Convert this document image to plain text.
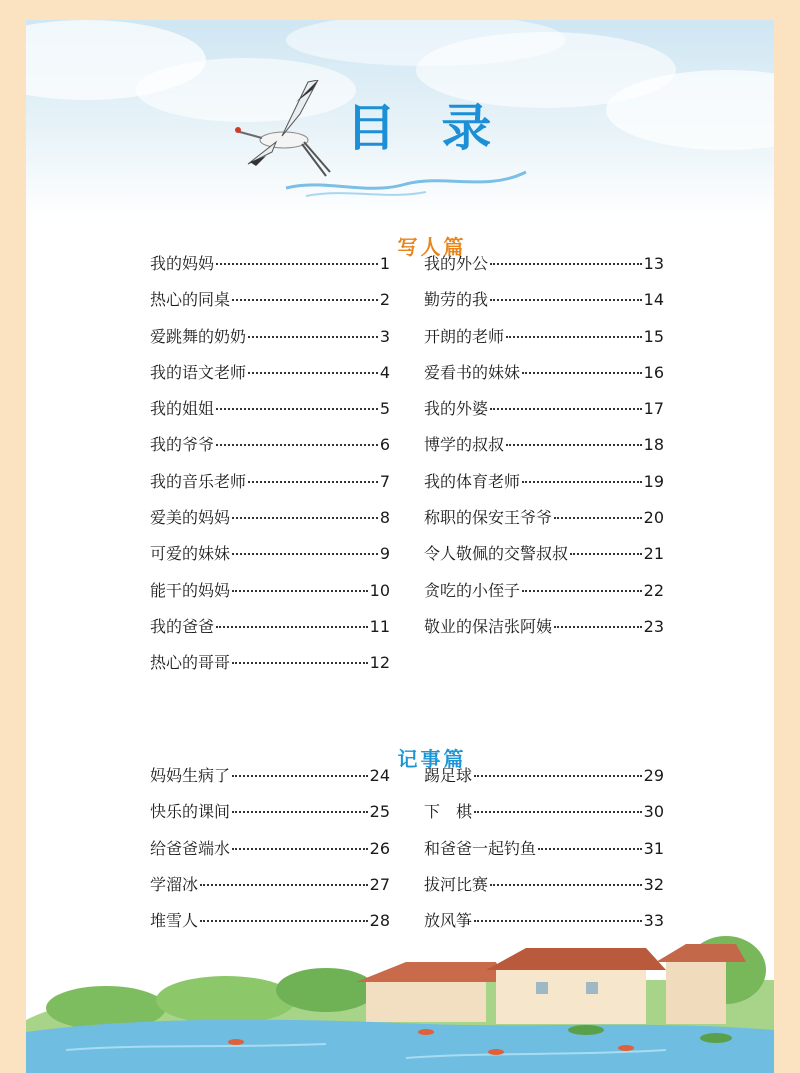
目 录
写人篇
我的妈妈	1
热心的同桌	2
爱跳舞的奶奶	3
我的语文老师	4
我的姐姐	5
我的爷爷	6
我的音乐老师	7
爱美的妈妈	8
可爱的妹妹	9
能干的妈妈	10
我的爸爸	11
热心的哥哥	12
我的外公	13
勤劳的我	14
开朗的老师	15
爱看书的妹妹	16
我的外婆	17
博学的叔叔	18
我的体育老师	19
称职的保安王爷爷	20
令人敬佩的交警叔叔	21
贪吃的小侄子	22
敬业的保洁张阿姨	23
记事篇
妈妈生病了	24
快乐的课间	25
给爸爸端水	26
学溜冰	27
堆雪人	28
踢足球	29
下　棋	30
和爸爸一起钓鱼	31
拔河比赛	32
放风筝	33
